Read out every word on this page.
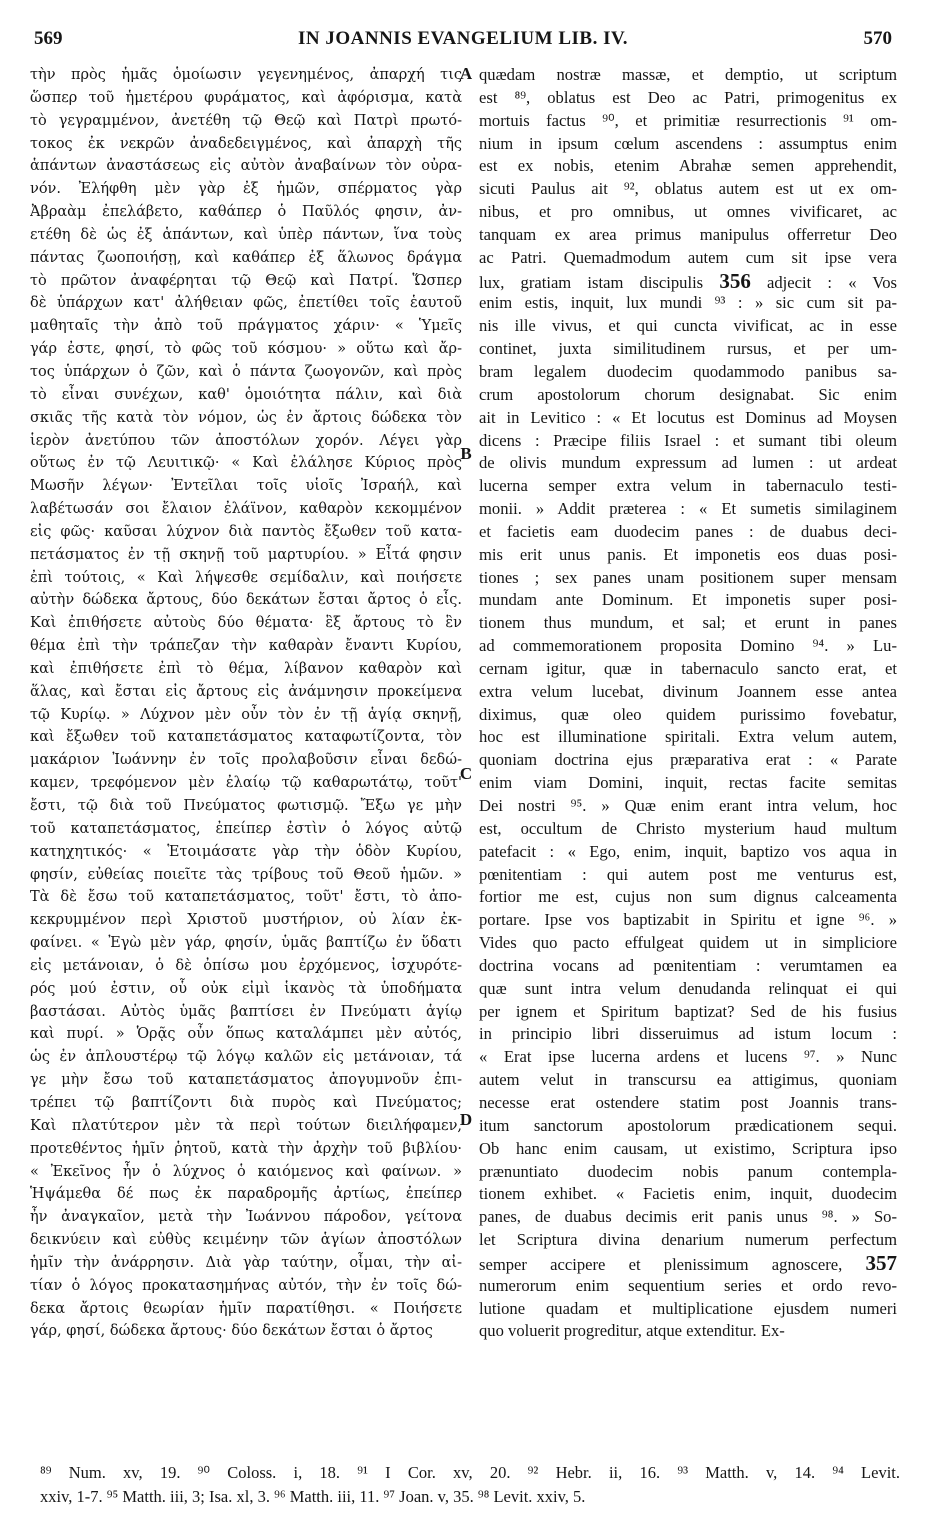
569	IN JOANNIS EVANGELIUM LIB. IV.	570
τὴν πρὸς ἡμᾶς ὁμοίωσιν γεγενημένος, ἀπαρχή τις
ὥσπερ τοῦ ἡμετέρου φυράματος, καὶ ἀφόρισμα, κατὰ
τὸ γεγραμμένον, ἀνετέθη τῷ Θεῷ καὶ Πατρὶ πρωτό-
τοκος ἐκ νεκρῶν ἀναδεδειγμένος, καὶ ἀπαρχὴ τῆς
ἁπάντων ἀναστάσεως εἰς αὐτὸν ἀναβαίνων τὸν οὐρα-
νόν. Ἐλήφθη μὲν γὰρ ἐξ ἡμῶν, σπέρματος γὰρ
Ἀβραὰμ ἐπελάβετο, καθάπερ ὁ Παῦλός φησιν, ἀν-
ετέθη δὲ ὡς ἐξ ἁπάντων, καὶ ὑπὲρ πάντων, ἵνα τοὺς
πάντας ζωοποιήσῃ, καὶ καθάπερ ἐξ ἅλωνος δράγμα
τὸ πρῶτον ἀναφέρηται τῷ Θεῷ καὶ Πατρί. Ὥσπερ
δὲ ὑπάρχων κατ' ἀλήθειαν φῶς, ἐπετίθει τοῖς ἑαυτοῦ
μαθηταῖς τὴν ἀπὸ τοῦ πράγματος χάριν· « Ὑμεῖς
γάρ ἐστε, φησί, τὸ φῶς τοῦ κόσμου· » οὕτω καὶ ἄρ-
τος ὑπάρχων ὁ ζῶν, καὶ ὁ πάντα ζωογονῶν, καὶ πρὸς
τὸ εἶναι συνέχων, καθ' ὁμοιότητα πάλιν, καὶ διὰ
σκιᾶς τῆς κατὰ τὸν νόμον, ὡς ἐν ἄρτοις δώδεκα τὸν
ἱερὸν ἀνετύπου τῶν ἀποστόλων χορόν. Λέγει γὰρ
οὕτως ἐν τῷ Λευιτικῷ· « Καὶ ἐλάλησε Κύριος πρὸς
Μωσῆν λέγων· Ἐντεῖλαι τοῖς υἱοῖς Ἰσραήλ, καὶ
λαβέτωσάν σοι ἔλαιον ἐλάϊνον, καθαρὸν κεκομμένον
εἰς φῶς· καῦσαι λύχνον διὰ παντὸς ἔξωθεν τοῦ κατα-
πετάσματος ἐν τῇ σκηνῇ τοῦ μαρτυρίου. » Εἶτά φησιν
ἐπὶ τούτοις, « Καὶ λήψεσθε σεμίδαλιν, καὶ ποιήσετε
αὐτὴν δώδεκα ἄρτους, δύο δεκάτων ἔσται ἄρτος ὁ εἷς.
Καὶ ἐπιθήσετε αὐτοὺς δύο θέματα· ἓξ ἄρτους τὸ ἓν
θέμα ἐπὶ τὴν τράπεζαν τὴν καθαρὰν ἔναντι Κυρίου,
καὶ ἐπιθήσετε ἐπὶ τὸ θέμα, λίβανον καθαρὸν καὶ
ἅλας, καὶ ἔσται εἰς ἄρτους εἰς ἀνάμνησιν προκείμενα
τῷ Κυρίῳ. » Λύχνον μὲν οὖν τὸν ἐν τῇ ἁγίᾳ σκηνῇ,
καὶ ἔξωθεν τοῦ καταπετάσματος καταφωτίζοντα, τὸν
μακάριον Ἰωάννην ἐν τοῖς προλαβοῦσιν εἶναι δεδώ-
καμεν, τρεφόμενον μὲν ἐλαίῳ τῷ καθαρωτάτῳ, τοῦτ'
ἔστι, τῷ διὰ τοῦ Πνεύματος φωτισμῷ. Ἔξω γε μὴν
τοῦ καταπετάσματος, ἐπείπερ ἐστὶν ὁ λόγος αὐτῷ
κατηχητικός· « Ἑτοιμάσατε γὰρ τὴν ὁδὸν Κυρίου,
φησίν, εὐθείας ποιεῖτε τὰς τρίβους τοῦ Θεοῦ ἡμῶν. »
Τὰ δὲ ἔσω τοῦ καταπετάσματος, τοῦτ' ἔστι, τὸ ἀπο-
κεκρυμμένον περὶ Χριστοῦ μυστήριον, οὐ λίαν ἐκ-
φαίνει. « Ἐγὼ μὲν γάρ, φησίν, ὑμᾶς βαπτίζω ἐν ὕδατι
εἰς μετάνοιαν, ὁ δὲ ὀπίσω μου ἐρχόμενος, ἰσχυρότε-
ρός μού ἐστιν, οὗ οὐκ εἰμὶ ἱκανὸς τὰ ὑποδήματα
βαστάσαι. Αὐτὸς ὑμᾶς βαπτίσει ἐν Πνεύματι ἁγίῳ
καὶ πυρί. » Ὁρᾷς οὖν ὅπως καταλάμπει μὲν αὐτός,
ὡς ἐν ἁπλουστέρῳ τῷ λόγῳ καλῶν εἰς μετάνοιαν, τά
γε μὴν ἔσω τοῦ καταπετάσματος ἀπογυμνοῦν ἐπι-
τρέπει τῷ βαπτίζοντι διὰ πυρὸς καὶ Πνεύματος;
Καὶ πλατύτερον μὲν τὰ περὶ τούτων διειλήφαμεν,
προτεθέντος ἡμῖν ῥητοῦ, κατὰ τὴν ἀρχὴν τοῦ βιβλίου·
« Ἐκεῖνος ἦν ὁ λύχνος ὁ καιόμενος καὶ φαίνων. »
Ἡψάμεθα δέ πως ἐκ παραδρομῆς ἀρτίως, ἐπείπερ
ἦν ἀναγκαῖον, μετὰ τὴν Ἰωάννου πάροδον, γείτονα
δεικνύειν καὶ εὐθὺς κειμένην τῶν ἁγίων ἀποστόλων
ἡμῖν τὴν ἀνάρρησιν. Διὰ γὰρ ταύτην, οἶμαι, τὴν αἰ-
τίαν ὁ λόγος προκατασημήνας αὐτόν, τὴν ἐν τοῖς δώ-
δεκα ἄρτοις θεωρίαν ἡμῖν παρατίθησι. « Ποιήσετε
γάρ, φησί, δώδεκα ἄρτους· δύο δεκάτων ἔσται ὁ ἄρτος
quædam nostræ massæ, et demptio, ut scriptum
est ⁸⁹, oblatus est Deo ac Patri, primogenitus ex
mortuis factus ⁹⁰, et primitiæ resurrectionis ⁹¹ om-
nium in ipsum cœlum ascendens : assumptus enim
est ex nobis, etenim Abrahæ semen apprehendit,
sicuti Paulus ait ⁹², oblatus autem est ut ex om-
nibus, et pro omnibus, ut omnes vivificaret, ac
tanquam ex area primus manipulus offerretur Deo
ac Patri. Quemadmodum autem cum sit ipse vera
lux, gratiam istam discipulis 356 adjecit : « Vos
enim estis, inquit, lux mundi ⁹³ : » sic cum sit pa-
nis ille vivus, et qui cuncta vivificat, ac in esse
continet, juxta similitudinem rursus, et per um-
bram legalem duodecim quodammodo panibus sa-
crum apostolorum chorum designabat. Sic enim
ait in Levitico : « Et locutus est Dominus ad Moysen
dicens : Præcipe filiis Israel : et sumant tibi oleum
de olivis mundum expressum ad lumen : ut ardeat
lucerna semper extra velum in tabernaculo testi-
monii. » Addit præterea : « Et sumetis similaginem
et facietis eam duodecim panes : de duabus deci-
mis erit unus panis. Et imponetis eos duas posi-
tiones ; sex panes unam positionem super mensam
mundam ante Dominum. Et imponetis super posi-
tionem thus mundum, et sal; et erunt in panes
ad commemorationem proposita Domino ⁹⁴. » Lu-
cernam igitur, quæ in tabernaculo sancto erat, et
extra velum lucebat, divinum Joannem esse antea
diximus, quæ oleo quidem purissimo fovebatur,
hoc est illuminatione spiritali. Extra velum autem,
quoniam doctrina ejus præparativa erat : « Parate
enim viam Domini, inquit, rectas facite semitas
Dei nostri ⁹⁵. » Quæ enim erant intra velum, hoc
est, occultum de Christo mysterium haud multum
patefacit : « Ego, enim, inquit, baptizo vos aqua in
pœnitentiam : qui autem post me venturus est,
fortior me est, cujus non sum dignus calceamenta
portare. Ipse vos baptizabit in Spiritu et igne ⁹⁶. »
Vides quo pacto effulgeat quidem ut in simpliciore
doctrina vocans ad pœnitentiam : verumtamen ea
quæ sunt intra velum denudanda relinquat ei qui
per ignem et Spiritum baptizat? Sed de his fusius
in principio libri disseruimus ad istum locum :
« Erat ipse lucerna ardens et lucens ⁹⁷. » Nunc
autem velut in transcursu ea attigimus, quoniam
necesse erat ostendere statim post Joannis trans-
itum sanctorum apostolorum prædicationem sequi.
Ob hanc enim causam, ut existimo, Scriptura ipso
prænuntiato duodecim nobis panum contempla-
tionem exhibet. « Facietis enim, inquit, duodecim
panes, de duabus decimis erit panis unus ⁹⁸. » So-
let Scriptura divina denarium numerum perfectum
semper accipere et plenissimum agnoscere, 357
numerorum enim sequentium series et ordo revo-
lutione quadam et multiplicatione ejusdem numeri
quo voluerit progreditur, atque extenditur. Ex-
A
B
C
D
⁸⁹ Num. xv, 19. ⁹⁰ Coloss. i, 18. ⁹¹ I Cor. xv, 20. ⁹² Hebr. ii, 16. ⁹³ Matth. v, 14. ⁹⁴ Levit.
xxiv, 1-7. ⁹⁵ Matth. iii, 3; Isa. xl, 3. ⁹⁶ Matth. iii, 11. ⁹⁷ Joan. v, 35. ⁹⁸ Levit. xxiv, 5.
